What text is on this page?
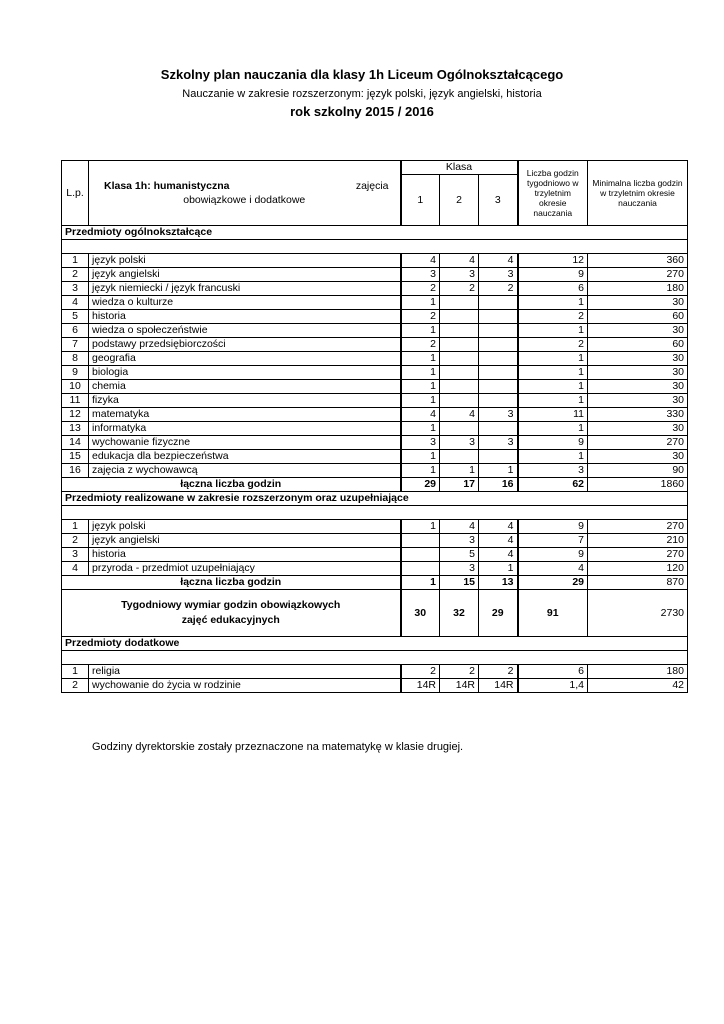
Szkolny plan nauczania dla klasy 1h Liceum Ogólnokształcącego
Nauczanie w zakresie rozszerzonym: język polski, język angielski, historia
rok szkolny 2015 / 2016
L.p.	Klasa 1h: humanistyczna zajęcia
obowiązkowe i dodatkowe	Klasa			Liczba godzin tygodniowo w trzyletnim okresie nauczania	Minimalna liczba godzin w trzyletnim okresie nauczania
		1	2	3		
Przedmioty ogólnokształcące						

1	język polski	4	4	4	12	360
2	język angielski	3	3	3	9	270
3	język niemiecki / język francuski	2	2	2	6	180
4	wiedza o kulturze	1			1	30
5	historia	2			2	60
6	wiedza o społeczeństwie	1			1	30
7	podstawy przedsiębiorczości	2			2	60
8	geografia	1			1	30
9	biologia	1			1	30
10	chemia	1			1	30
11	fizyka	1			1	30
12	matematyka	4	4	3	11	330
13	informatyka	1			1	30
14	wychowanie fizyczne	3	3	3	9	270
15	edukacja dla bezpieczeństwa	1			1	30
16	zajęcia z wychowawcą	1	1	1	3	90
łączna liczba godzin		29	17	16	62	1860
Przedmioty realizowane w zakresie rozszerzonym oraz uzupełniające						

1	język polski	1	4	4	9	270
2	język angielski		3	4	7	210
3	historia		5	4	9	270
4	przyroda - przedmiot uzupełniający		3	1	4	120
łączna liczba godzin		1	15	13	29	870

Tygodniowy wymiar godzin obowiązkowych
zajęć edukacyjnych		30	32	29	91	2730
Przedmioty dodatkowe						

1	religia	2	2	2	6	180
2	wychowanie do życia w rodzinie	14R	14R	14R	1,4	42
Godziny dyrektorskie zostały przeznaczone na matematykę w klasie drugiej.
